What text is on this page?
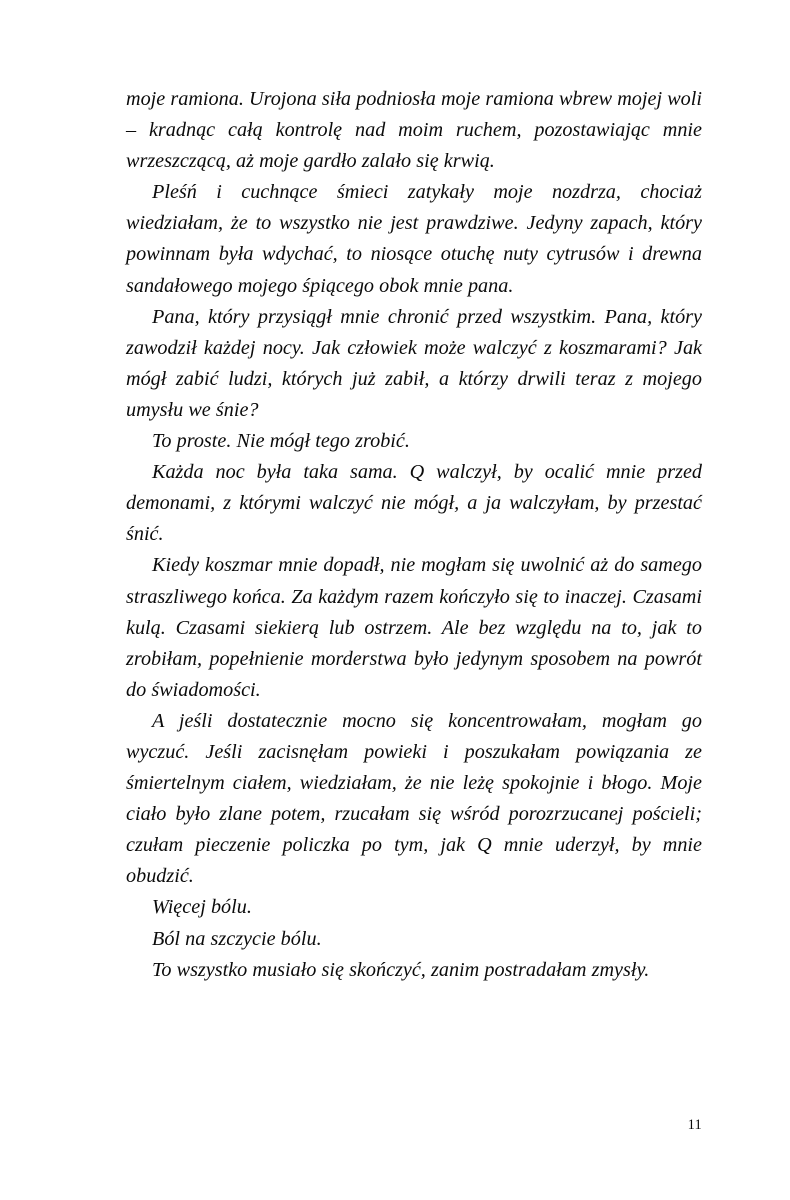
moje ramiona. Urojona siła podniosła moje ramiona wbrew mojej woli – kradnąc całą kontrolę nad moim ruchem, pozostawiając mnie wrzeszczącą, aż moje gardło zalało się krwią.

Pleśń i cuchnące śmieci zatykały moje nozdrza, chociaż wiedziałam, że to wszystko nie jest prawdziwe. Jedyny zapach, który powinnam była wdychać, to niosące otuchę nuty cytrusów i drewna sandałowego mojego śpiącego obok mnie pana.

Pana, który przysiągł mnie chronić przed wszystkim. Pana, który zawodził każdej nocy. Jak człowiek może walczyć z koszmarami? Jak mógł zabić ludzi, których już zabił, a którzy drwili teraz z mojego umysłu we śnie?

To proste. Nie mógł tego zrobić.

Każda noc była taka sama. Q walczył, by ocalić mnie przed demonami, z którymi walczyć nie mógł, a ja walczyłam, by przestać śnić.

Kiedy koszmar mnie dopadł, nie mogłam się uwolnić aż do samego straszliwego końca. Za każdym razem kończyło się to inaczej. Czasami kulą. Czasami siekierą lub ostrzem. Ale bez względu na to, jak to zrobiłam, popełnienie morderstwa było jedynym sposobem na powrót do świadomości.

A jeśli dostatecznie mocno się koncentrowałam, mogłam go wyczuć. Jeśli zacisnęłam powieki i poszukałam powiązania ze śmiertelnym ciałem, wiedziałam, że nie leżę spokojnie i błogo. Moje ciało było zlane potem, rzucałam się wśród porozrzucanej pościeli; czułam pieczenie policzka po tym, jak Q mnie uderzył, by mnie obudzić.

Więcej bólu.

Ból na szczycie bólu.

To wszystko musiało się skończyć, zanim postradałam zmysły.

11
